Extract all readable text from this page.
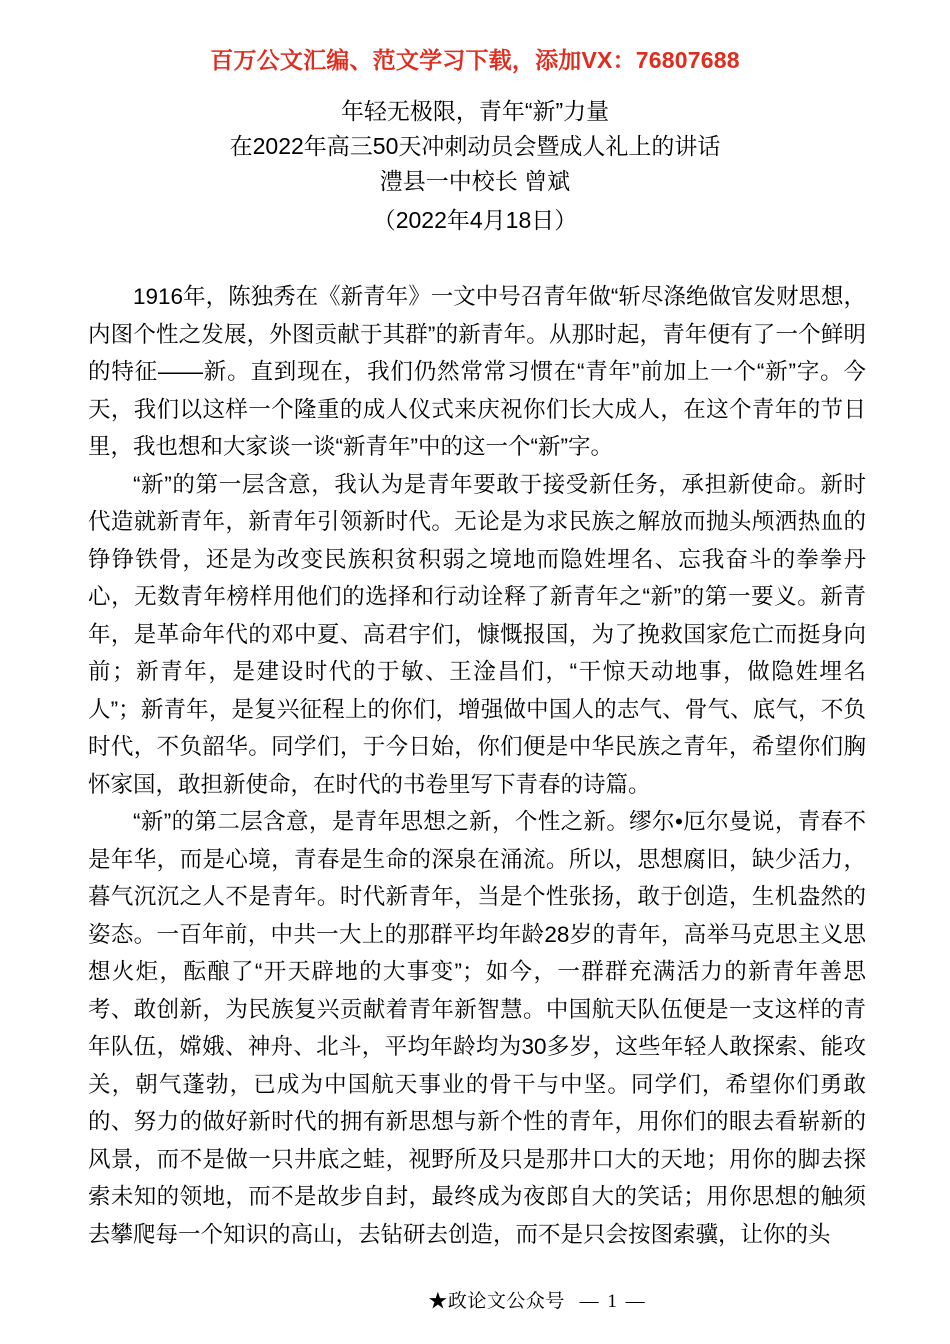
百万公文汇编、范文学习下载，添加VX：76807688
年轻无极限，青年“新”力量
在2022年高三50天冲刺动员会暨成人礼上的讲话
澧县一中校长 曾斌
（2022年4月18日）

1916年，陈独秀在《新青年》一文中号召青年做“斩尽涤绝做官发财思想，内图个性之发展，外图贡献于其群”的新青年。从那时起，青年便有了一个鲜明的特征——新。直到现在，我们仍然常常习惯在“青年”前加上一个“新”字。今天，我们以这样一个隆重的成人仪式来庆祝你们长大成人，在这个青年的节日里，我也想和大家谈一谈“新青年”中的这一个“新”字。

“新”的第一层含意，我认为是青年要敢于接受新任务，承担新使命。新时代造就新青年，新青年引领新时代。无论是为求民族之解放而抛头颅洒热血的铮铮铁骨，还是为改变民族积贫积弱之境地而隐姓埋名、忘我奋斗的拳拳丹心，无数青年榜样用他们的选择和行动诠释了新青年之“新”的第一要义。新青年，是革命年代的邓中夏、高君宇们，慷慨报国，为了挽救国家危亡而挺身向前；新青年，是建设时代的于敏、王淦昌们，“干惊天动地事，做隐姓埋名人”；新青年，是复兴征程上的你们，增强做中国人的志气、骨气、底气，不负时代，不负韶华。同学们，于今日始，你们便是中华民族之青年，希望你们胸怀家国，敢担新使命，在时代的书卷里写下青春的诗篇。

“新”的第二层含意，是青年思想之新，个性之新。缪尔•厄尔曼说，青春不是年华，而是心境，青春是生命的深泉在涌流。所以，思想腐旧，缺少活力，暮气沉沉之人不是青年。时代新青年，当是个性张扬，敢于创造，生机盎然的姿态。一百年前，中共一大上的那群平均年龄28岁的青年，高举马克思主义思想火炬，酝酿了“开天辟地的大事变”；如今，一群群充满活力的新青年善思考、敢创新，为民族复兴贡献着青年新智慧。中国航天队伍便是一支这样的青年队伍，嫦娥、神舟、北斗，平均年龄均为30多岁，这些年轻人敢探索、能攻关，朝气蓬勃，已成为中国航天事业的骨干与中坚。同学们，希望你们勇敢的、努力的做好新时代的拥有新思想与新个性的青年，用你们的眼去看崭新的风景，而不是做一只井底之蛙，视野所及只是那井口大的天地；用你的脚去探索未知的领地，而不是故步自封，最终成为夜郎自大的笑话；用你思想的触须去攀爬每一个知识的高山，去钻研去创造，而不是只会按图索骥，让你的头

★政论文公众号 — 1 —
